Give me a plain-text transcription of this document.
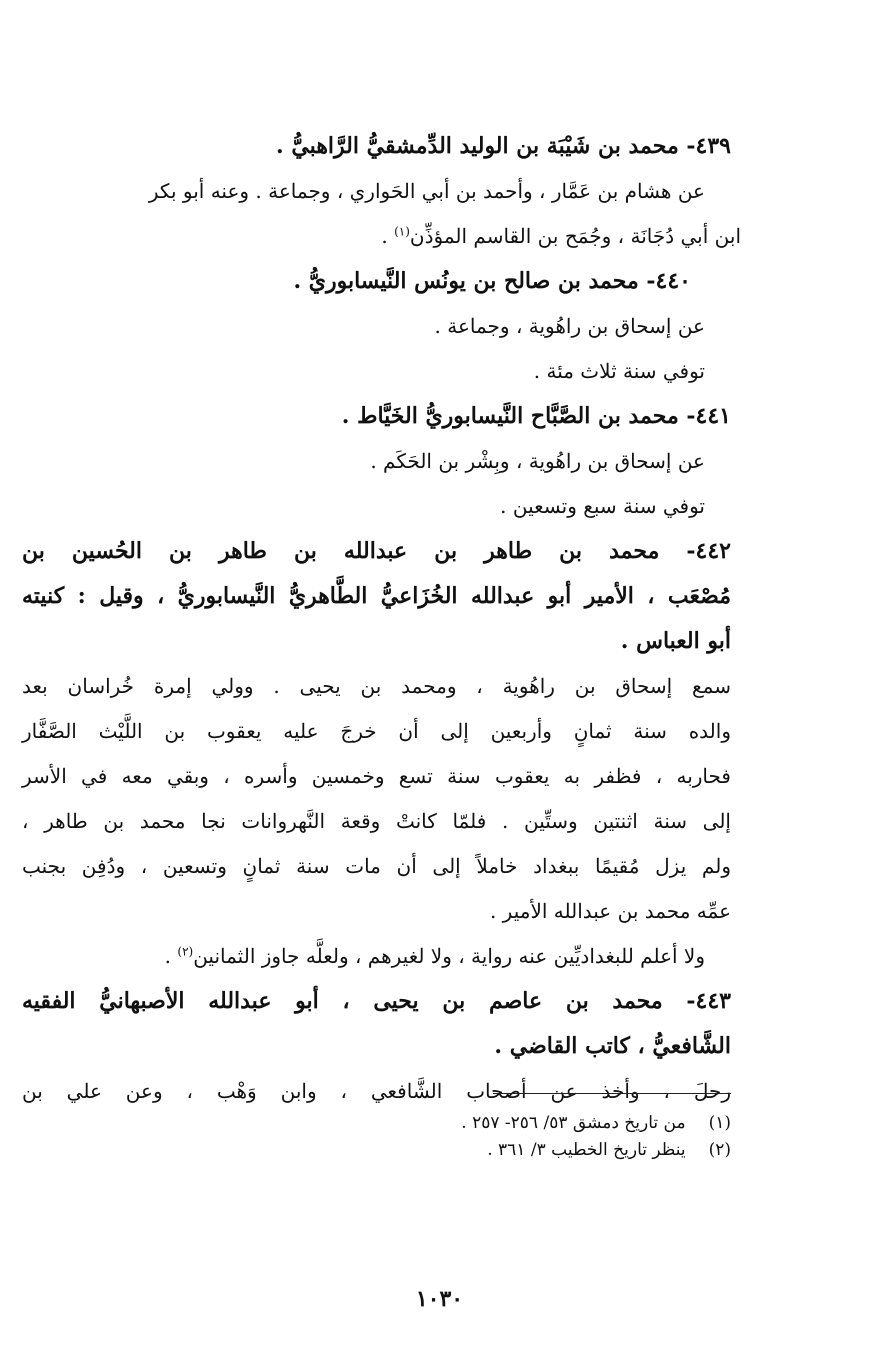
٤٣٩- محمد بن شَيْبَة بن الوليد الدِّمشقيُّ الرَّاهبيُّ .
عن هشام بن عَمَّار ، وأحمد بن أبي الحَواري ، وجماعة . وعنه أبو بكر
ابن أبي دُجَانَة ، وجُمَح بن القاسم المؤذِّن$^{(١)}$ .
٤٤٠- محمد بن صالح بن يونُس النَّيسابوريُّ .
عن إسحاق بن راهُوية ، وجماعة .
توفي سنة ثلاث مئة .
٤٤١- محمد بن الصَّبَّاح النَّيسابوريُّ الخَيَّاط .
عن إسحاق بن راهُوية ، وبِشْر بن الحَكَم .
توفي سنة سبع وتسعين .
٤٤٢- محمد بن طاهر بن عبدالله بن طاهر بن الحُسين بن
مُصْعَب ، الأمير أبو عبدالله الخُزَاعيُّ الطَّاهريُّ النَّيسابوريُّ ، وقيل : كنيته
أبو العباس .
سمع إسحاق بن راهُوية ، ومحمد بن يحيى . وولي إمرة خُراسان بعد
والده سنة ثمانٍ وأربعين إلى أن خرجَ عليه يعقوب بن اللَّيْث الصَّفَّار
فحاربه ، فظفر به يعقوب سنة تسع وخمسين وأسره ، وبقي معه في الأسر
إلى سنة اثنتين وستِّين . فلمّا كانتْ وقعة النَّهروانات نجا محمد بن طاهر ،
ولم يزل مُقيمًا ببغداد خاملاً إلى أن مات سنة ثمانٍ وتسعين ، ودُفِن بجنب
عمِّه محمد بن عبدالله الأمير .
ولا أعلم للبغداديِّين عنه رواية ، ولا لغيرهم ، ولعلَّه جاوز الثمانين$^{(٢)}$ .
٤٤٣- محمد بن عاصم بن يحيى ، أبو عبدالله الأصبهانيُّ الفقيه
الشَّافعيُّ ، كاتب القاضي .
رحلَ ، وأخذ عن أصحاب الشَّافعي ، وابن وَهْب ، وعن علي بن
(١) من تاريخ دمشق ٥٣/ ٢٥٦- ٢٥٧ .
(٢) ينظر تاريخ الخطيب ٣/ ٣٦١ .
١٠٣٠
